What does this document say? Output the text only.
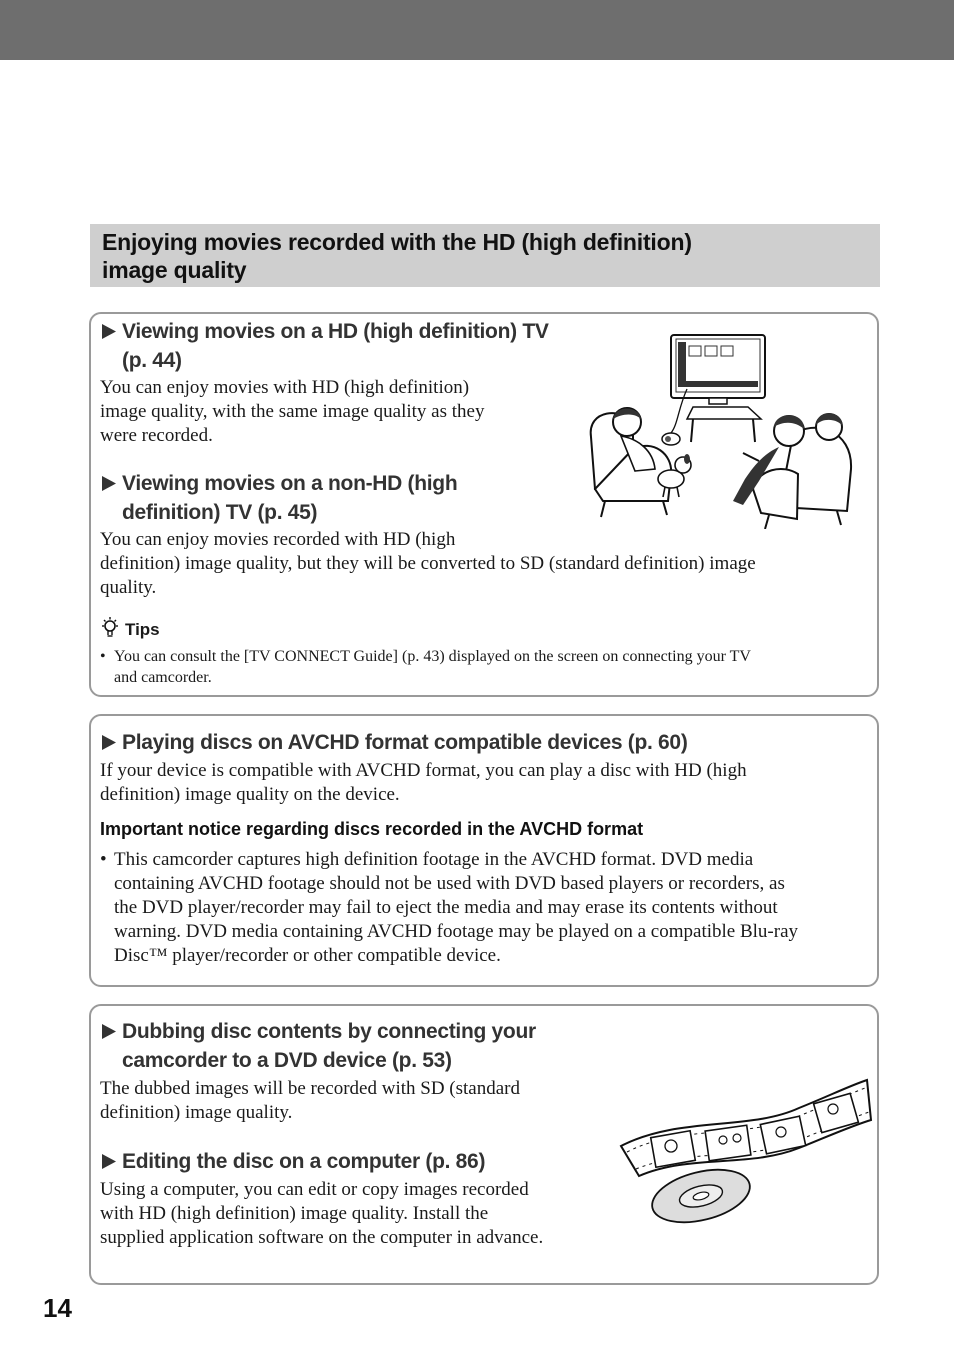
Enjoying movies recorded with the HD (high definition)
image quality
Viewing movies on a HD (high definition) TV
(p. 44)
You can enjoy movies with HD (high definition)
image quality, with the same image quality as they
were recorded.
Viewing movies on a non-HD (high
definition) TV (p. 45)
You can enjoy movies recorded with HD (high
definition) image quality, but they will be converted to SD (standard definition) image
quality.
Tips
• You can consult the [TV CONNECT Guide] (p. 43) displayed on the screen on connecting your TV
and camcorder.
Playing discs on AVCHD format compatible devices (p. 60)
If your device is compatible with AVCHD format, you can play a disc with HD (high
definition) image quality on the device.
Important notice regarding discs recorded in the AVCHD format
• This camcorder captures high definition footage in the AVCHD format. DVD media
containing AVCHD footage should not be used with DVD based players or recorders, as
the DVD player/recorder may fail to eject the media and may erase its contents without
warning. DVD media containing AVCHD footage may be played on a compatible Blu-ray
Disc™ player/recorder or other compatible device.
Dubbing disc contents by connecting your
camcorder to a DVD device (p. 53)
The dubbed images will be recorded with SD (standard
definition) image quality.
Editing the disc on a computer (p. 86)
Using a computer, you can edit or copy images recorded
with HD (high definition) image quality. Install the
supplied application software on the computer in advance.
14
